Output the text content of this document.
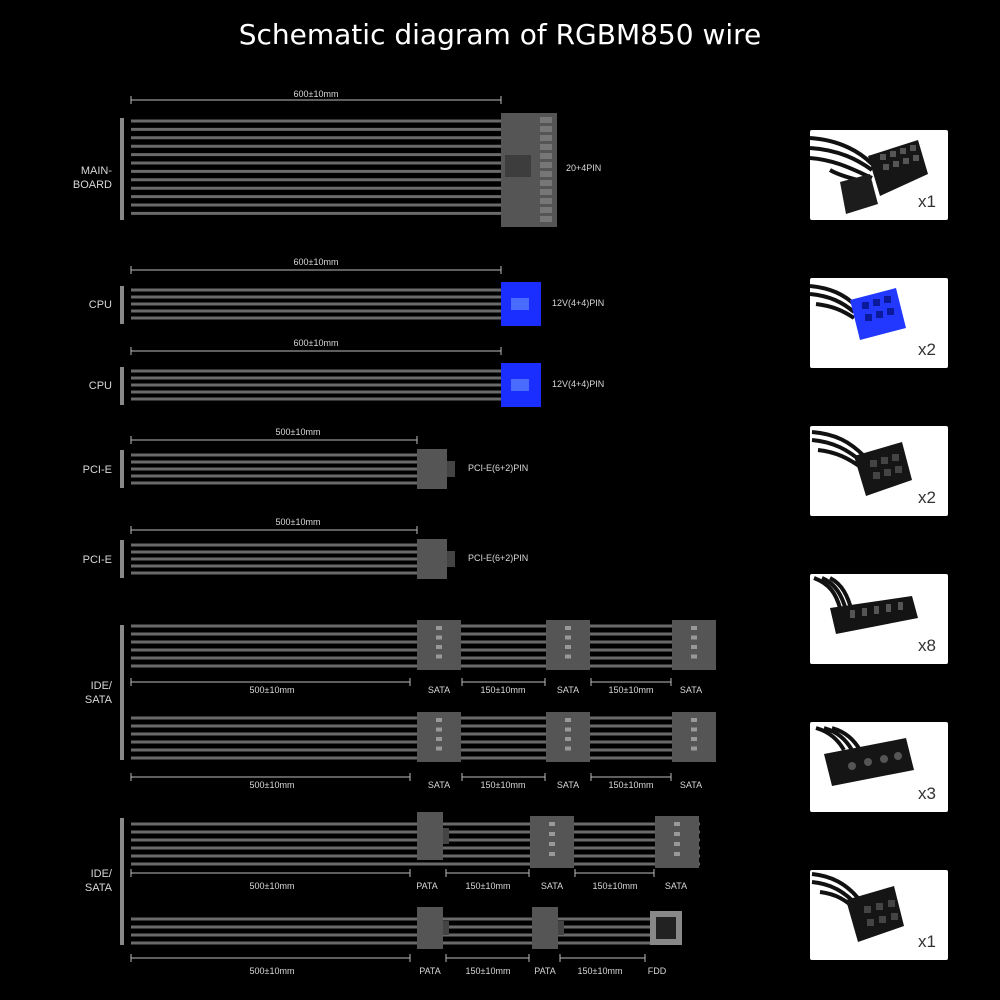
Schematic diagram of RGBM850 wire
MAIN-
BOARD
600±10mm
20+4PIN
CPU
600±10mm
12V(4+4)PIN
CPU
600±10mm
12V(4+4)PIN
PCI-E
500±10mm
PCI-E(6+2)PIN
PCI-E
500±10mm
PCI-E(6+2)PIN
IDE/
SATA
500±10mm	150±10mm	150±10mm
SATA	SATA	SATA
500±10mm	150±10mm	150±10mm
SATA	SATA	SATA
IDE/
SATA	500±10mm	150±10mm	150±10mm
PATA	SATA	SATA
500±10mm	150±10mm	150±10mm
PATA	PATA	FDD
x1
x2
x2
x8
x3
x1
